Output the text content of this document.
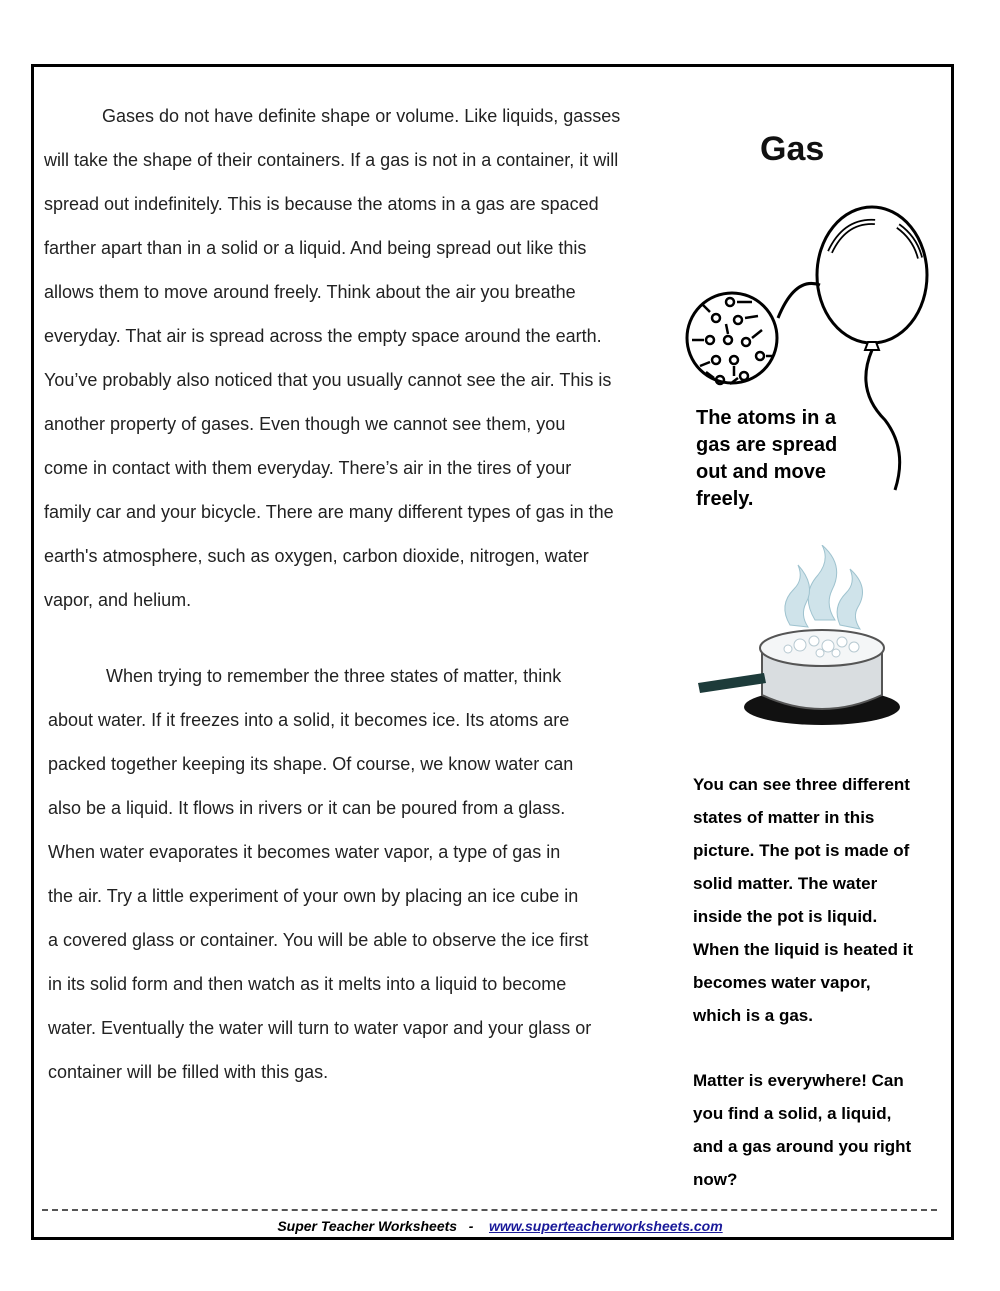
Gases do not have definite shape or volume. Like liquids, gasses
will take the shape of their containers. If a gas is not in a container, it will
spread out indefinitely. This is because the atoms in a gas are spaced
farther apart than in a solid or a liquid. And being spread out like this
allows them to move around freely. Think about the air you breathe
everyday. That air is spread across the empty space around the earth.
You’ve probably also noticed that you usually cannot see the air. This is
another property of gases. Even though we cannot see them, you
come in contact with them everyday. There’s air in the tires of your
family car and your bicycle. There are many different types of gas in the
earth's atmosphere, such as oxygen, carbon dioxide, nitrogen, water
vapor, and helium.
When trying to remember the three states of matter, think
about water. If it freezes into a solid, it becomes ice. Its atoms are
packed together keeping its shape. Of course, we know water can
also be a liquid. It flows in rivers or it can be poured from a glass.
When water evaporates it becomes water vapor, a type of gas in
the air. Try a little experiment of your own by placing an ice cube in
a covered glass or container. You will be able to observe the ice first
in its solid form and then watch as it melts into a liquid to become
water. Eventually the water will turn to water vapor and your glass or
container will be filled with this gas.
Gas
The atoms in a
gas are spread
out and move
freely.
You can see three different
states of matter in this
picture. The pot is made of
solid matter. The water
inside the pot is liquid.
When the liquid is heated it
becomes water vapor,
which is a gas.
Matter is everywhere! Can
you find a solid, a liquid,
and a gas around you right
now?
Super Teacher Worksheets - www.superteacherworksheets.com
